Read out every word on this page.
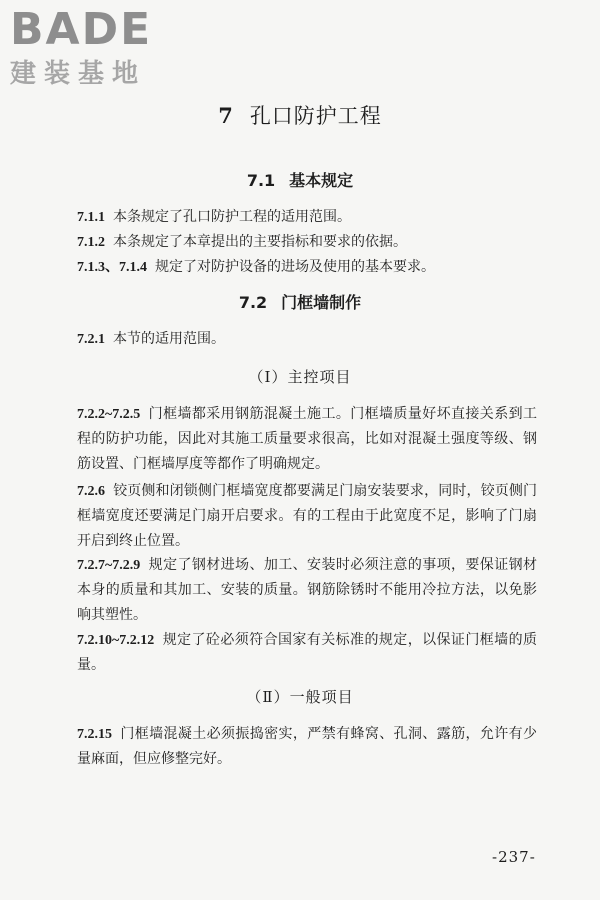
BADE
建装基地
7 孔口防护工程
7.1 基本规定
7.1.1 本条规定了孔口防护工程的适用范围。
7.1.2 本条规定了本章提出的主要指标和要求的依据。
7.1.3、7.1.4 规定了对防护设备的进场及使用的基本要求。
7.2 门框墙制作
7.2.1 本节的适用范围。
（Ⅰ）主控项目
7.2.2~7.2.5 门框墙都采用钢筋混凝土施工。门框墙质量好坏直接关系到工程的防护功能，因此对其施工质量要求很高，比如对混凝土强度等级、钢筋设置、门框墙厚度等都作了明确规定。
7.2.6 铰页侧和闭锁侧门框墙宽度都要满足门扇安装要求，同时，铰页侧门框墙宽度还要满足门扇开启要求。有的工程由于此宽度不足，影响了门扇开启到终止位置。
7.2.7~7.2.9 规定了钢材进场、加工、安装时必须注意的事项，要保证钢材本身的质量和其加工、安装的质量。钢筋除锈时不能用冷拉方法，以免影响其塑性。
7.2.10~7.2.12 规定了砼必须符合国家有关标准的规定，以保证门框墙的质量。
（Ⅱ）一般项目
7.2.15 门框墙混凝土必须振捣密实，严禁有蜂窝、孔洞、露筋，允许有少量麻面，但应修整完好。
-237-
